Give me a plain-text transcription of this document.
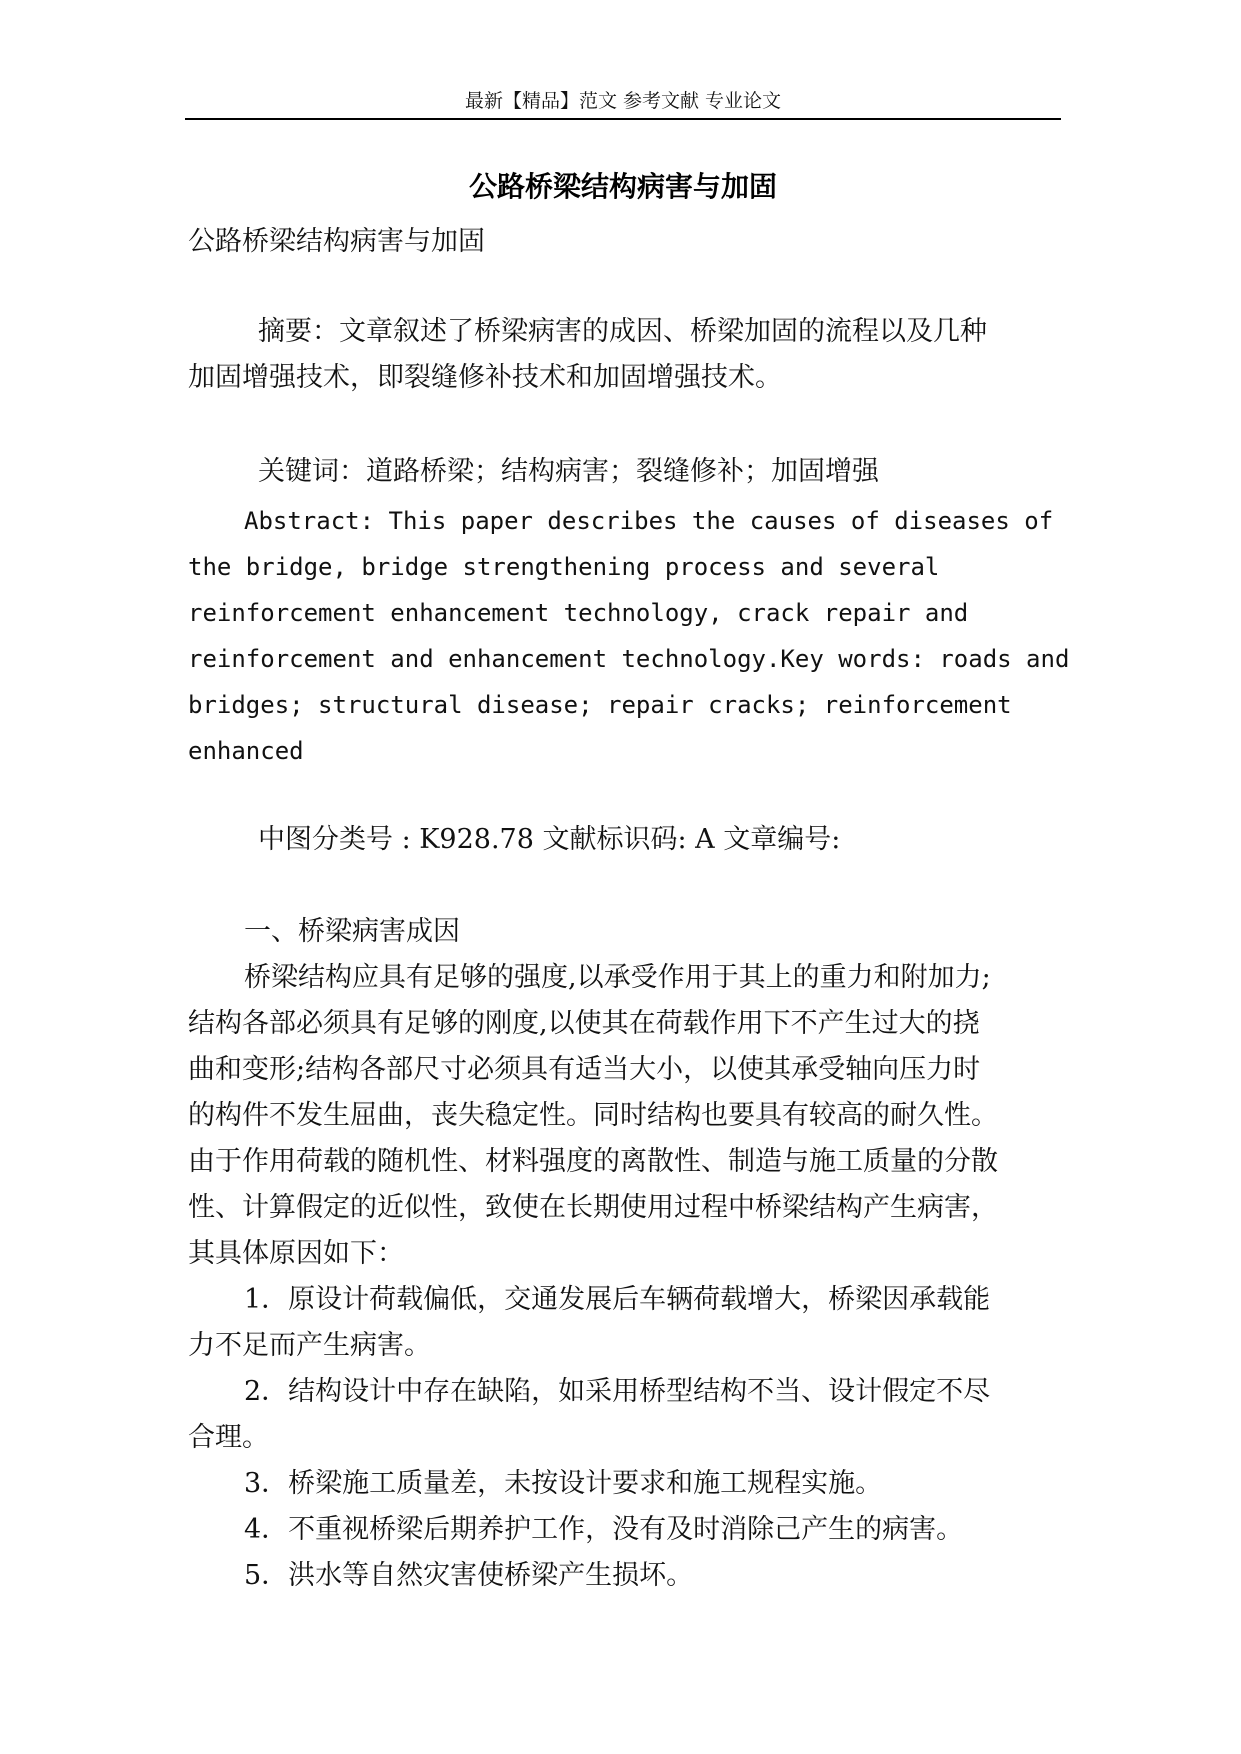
最新【精品】范文 参考文献 专业论文
公路桥梁结构病害与加固
公路桥梁结构病害与加固
摘要：文章叙述了桥梁病害的成因、桥梁加固的流程以及几种
加固增强技术，即裂缝修补技术和加固增强技术。
关键词：道路桥梁；结构病害；裂缝修补；加固增强
Abstract: This paper describes the causes of diseases of
the bridge, bridge strengthening process and several
reinforcement enhancement technology, crack repair and
reinforcement and enhancement technology.Key words: roads and
bridges; structural disease; repair cracks; reinforcement
enhanced
中图分类号 : K928.78 文献标识码: A 文章编号:
一、桥梁病害成因
桥梁结构应具有足够的强度,以承受作用于其上的重力和附加力;
结构各部必须具有足够的刚度,以使其在荷载作用下不产生过大的挠
曲和变形;结构各部尺寸必须具有适当大小，以使其承受轴向压力时
的构件不发生屈曲，丧失稳定性。同时结构也要具有较高的耐久性。
由于作用荷载的随机性、材料强度的离散性、制造与施工质量的分散
性、计算假定的近似性，致使在长期使用过程中桥梁结构产生病害，
其具体原因如下：
1．原设计荷载偏低，交通发展后车辆荷载增大，桥梁因承载能
力不足而产生病害。
2．结构设计中存在缺陷，如采用桥型结构不当、设计假定不尽
合理。
3．桥梁施工质量差，未按设计要求和施工规程实施。
4．不重视桥梁后期养护工作，没有及时消除己产生的病害。
5．洪水等自然灾害使桥梁产生损坏。
